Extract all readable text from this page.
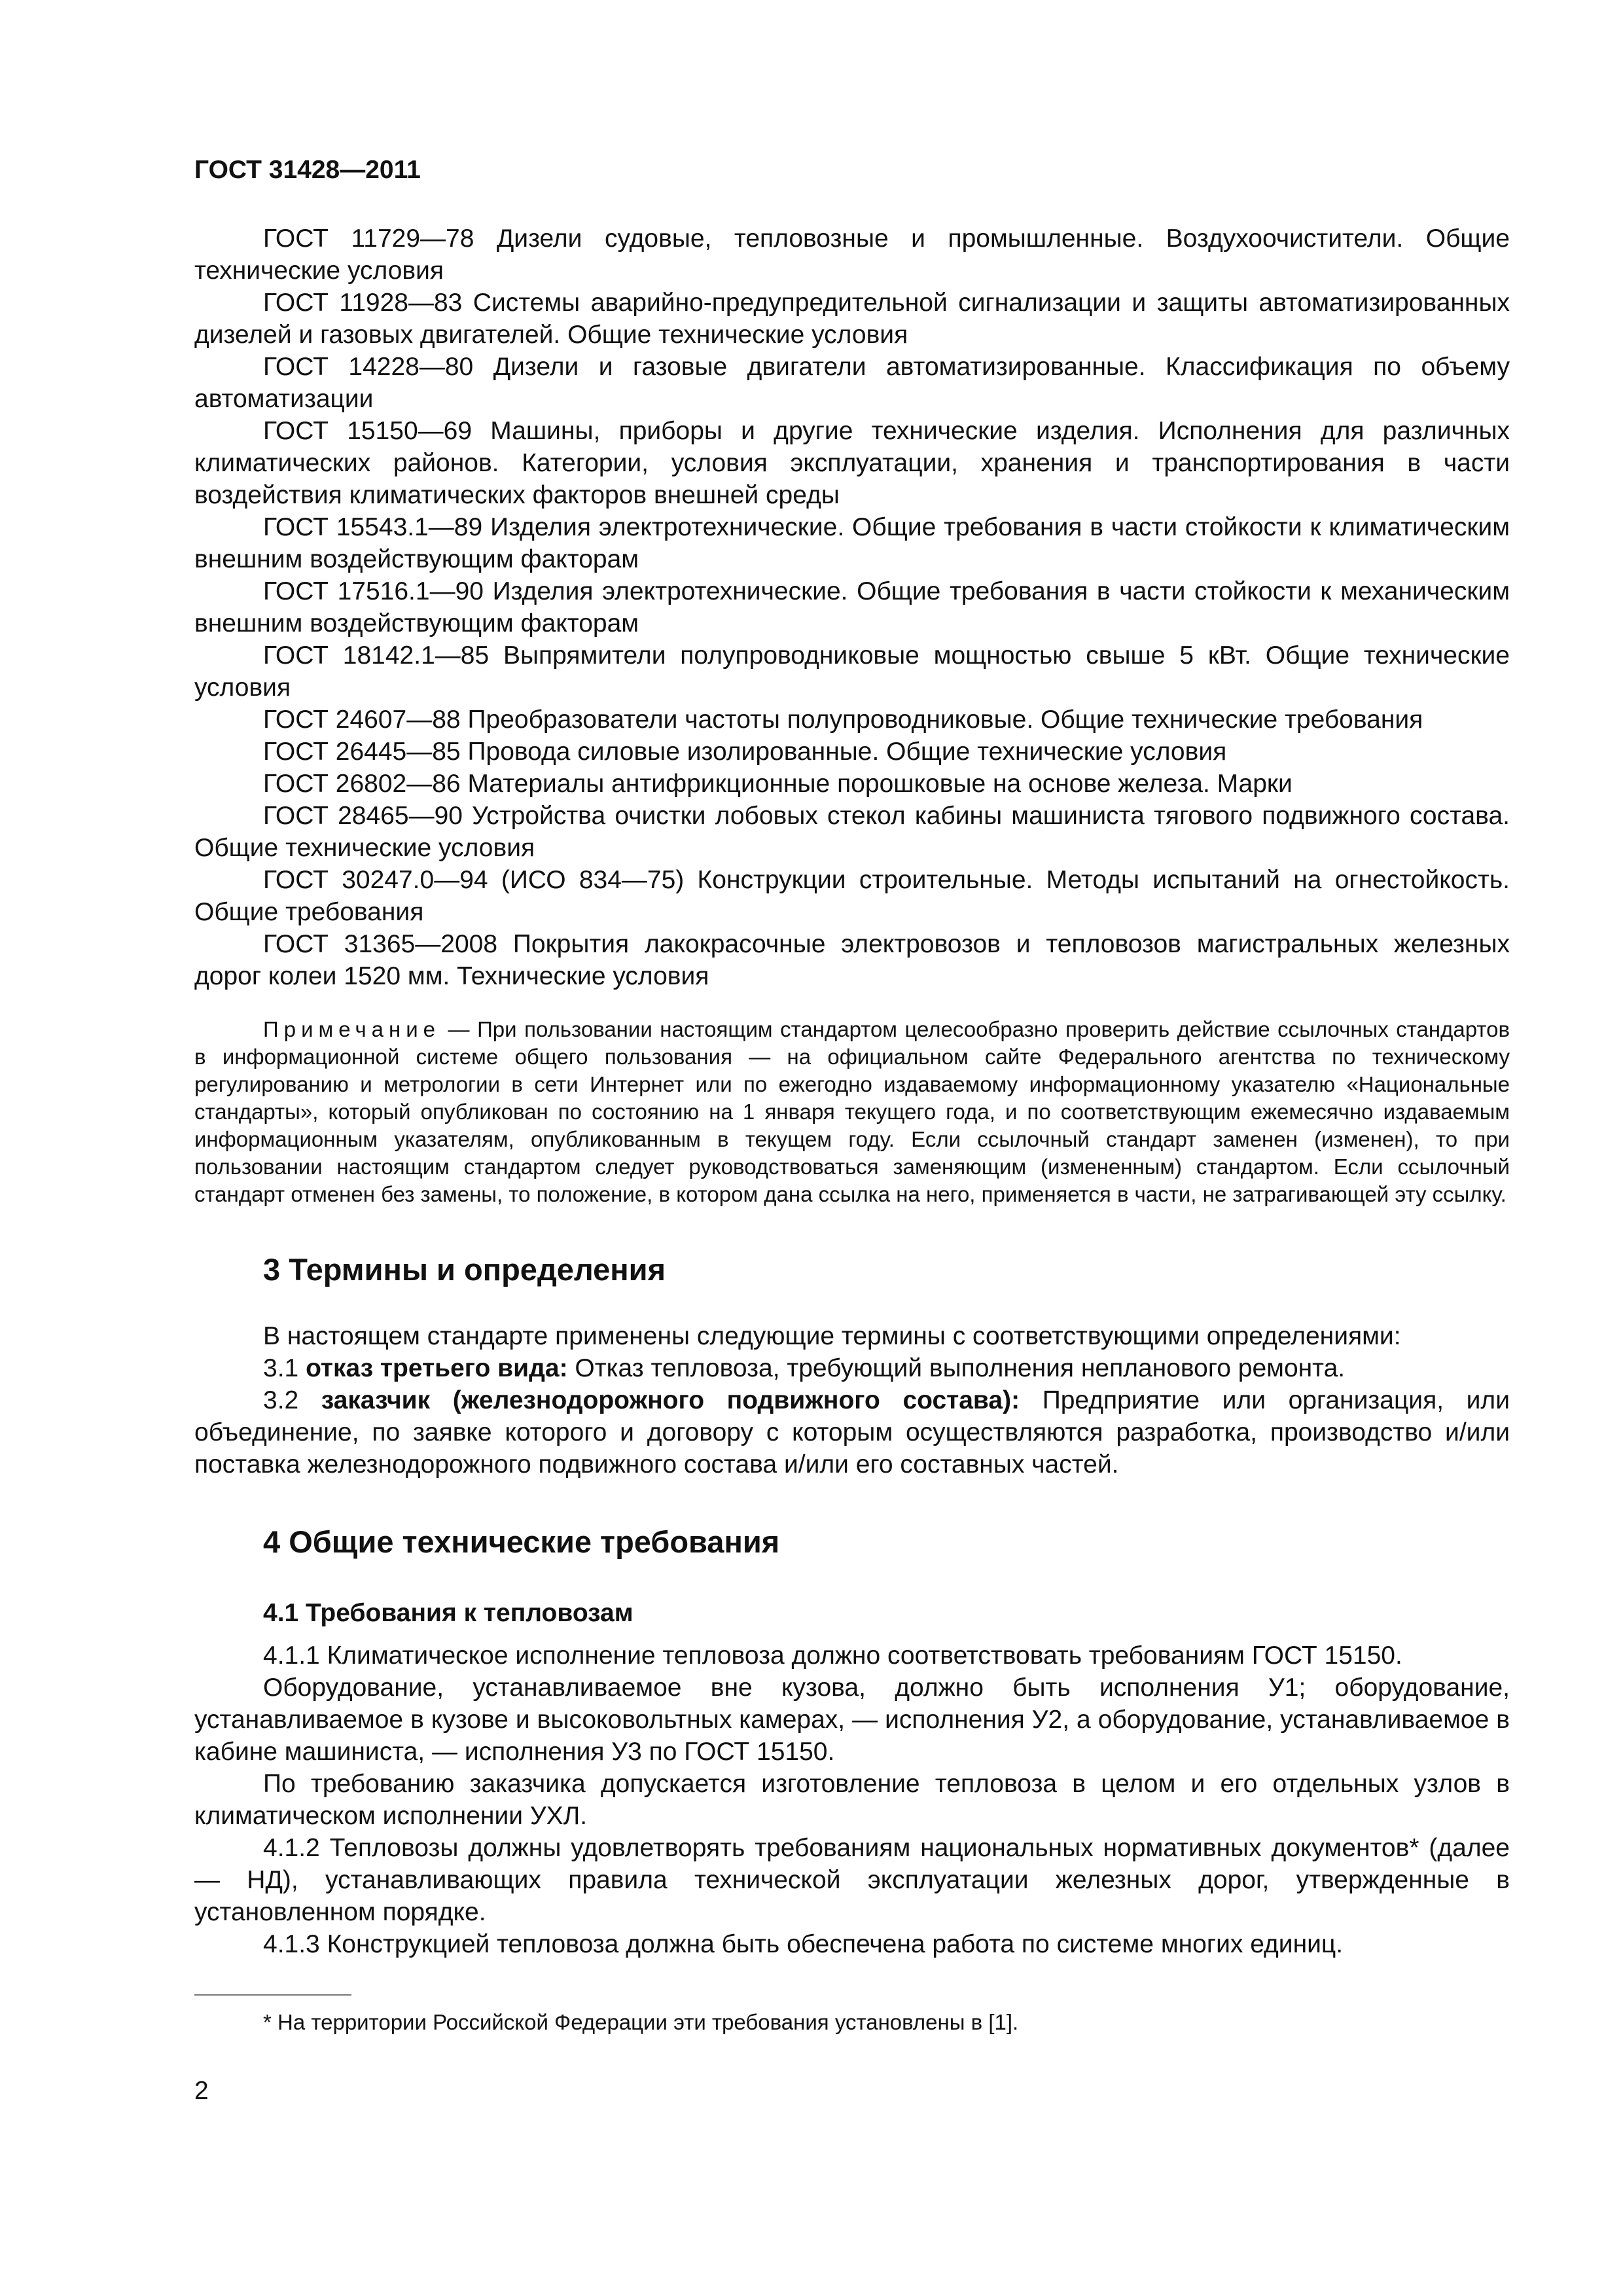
ГОСТ 31428—2011

ГОСТ 11729—78 Дизели судовые, тепловозные и промышленные. Воздухоочистители. Общие технические условия

ГОСТ 11928—83 Системы аварийно-предупредительной сигнализации и защиты автоматизированных дизелей и газовых двигателей. Общие технические условия

ГОСТ 14228—80 Дизели и газовые двигатели автоматизированные. Классификация по объему автоматизации

ГОСТ 15150—69 Машины, приборы и другие технические изделия. Исполнения для различных климатических районов. Категории, условия эксплуатации, хранения и транспортирования в части воздействия климатических факторов внешней среды

ГОСТ 15543.1—89 Изделия электротехнические. Общие требования в части стойкости к климатическим внешним воздействующим факторам

ГОСТ 17516.1—90 Изделия электротехнические. Общие требования в части стойкости к механическим внешним воздействующим факторам

ГОСТ 18142.1—85 Выпрямители полупроводниковые мощностью свыше 5 кВт. Общие технические условия

ГОСТ 24607—88 Преобразователи частоты полупроводниковые. Общие технические требования

ГОСТ 26445—85 Провода силовые изолированные. Общие технические условия

ГОСТ 26802—86 Материалы антифрикционные порошковые на основе железа. Марки

ГОСТ 28465—90 Устройства очистки лобовых стекол кабины машиниста тягового подвижного состава. Общие технические условия

ГОСТ 30247.0—94 (ИСО 834—75) Конструкции строительные. Методы испытаний на огнестойкость. Общие требования

ГОСТ 31365—2008 Покрытия лакокрасочные электровозов и тепловозов магистральных железных дорог колеи 1520 мм. Технические условия

Примечание — При пользовании настоящим стандартом целесообразно проверить действие ссылочных стандартов в информационной системе общего пользования — на официальном сайте Федерального агентства по техническому регулированию и метрологии в сети Интернет или по ежегодно издаваемому информационному указателю «Национальные стандарты», который опубликован по состоянию на 1 января текущего года, и по соответствующим ежемесячно издаваемым информационным указателям, опубликованным в текущем году. Если ссылочный стандарт заменен (изменен), то при пользовании настоящим стандартом следует руководствоваться заменяющим (измененным) стандартом. Если ссылочный стандарт отменен без замены, то положение, в котором дана ссылка на него, применяется в части, не затрагивающей эту ссылку.

3 Термины и определения

В настоящем стандарте применены следующие термины с соответствующими определениями:

3.1 отказ третьего вида: Отказ тепловоза, требующий выполнения непланового ремонта.

3.2 заказчик (железнодорожного подвижного состава): Предприятие или организация, или объединение, по заявке которого и договору с которым осуществляются разработка, производство и/или поставка железнодорожного подвижного состава и/или его составных частей.

4 Общие технические требования
4.1 Требования к тепловозам

4.1.1 Климатическое исполнение тепловоза должно соответствовать требованиям ГОСТ 15150.

Оборудование, устанавливаемое вне кузова, должно быть исполнения У1; оборудование, устанавливаемое в кузове и высоковольтных камерах, — исполнения У2, а оборудование, устанавливаемое в кабине машиниста, — исполнения У3 по ГОСТ 15150.

По требованию заказчика допускается изготовление тепловоза в целом и его отдельных узлов в климатическом исполнении УХЛ.

4.1.2 Тепловозы должны удовлетворять требованиям национальных нормативных документов* (далее — НД), устанавливающих правила технической эксплуатации железных дорог, утвержденные в установленном порядке.

4.1.3 Конструкцией тепловоза должна быть обеспечена работа по системе многих единиц.

* На территории Российской Федерации эти требования установлены в [1].

2
